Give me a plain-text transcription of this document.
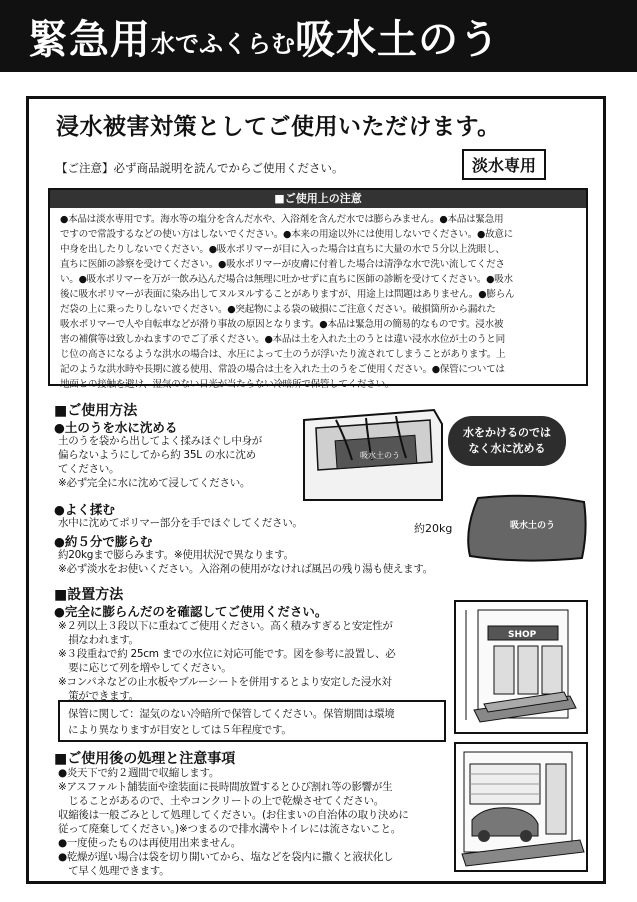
緊急用 水でふくらむ 吸水土のう
浸水被害対策としてご使用いただけます。
【ご注意】必ず商品説明を読んでからご使用ください。	淡水専用
■ご使用上の注意
●本品は淡水専用です。海水等の塩分を含んだ水や、入浴剤を含んだ水では膨らみません。●本品は緊急用
ですので常設するなどの使い方はしないでください。●本来の用途以外には使用しないでください。●故意に
中身を出したりしないでください。●吸水ポリマーが目に入った場合は直ちに大量の水で５分以上洗眼し、
直ちに医師の診察を受けてください。●吸水ポリマーが皮膚に付着した場合は清浄な水で洗い流してくださ
い。●吸水ポリマーを万が一飲み込んだ場合は無理に吐かせずに直ちに医師の診断を受けてください。●吸水
後に吸水ポリマーが表面に染み出してヌルヌルすることがありますが、用途上は問題はありません。●膨らん
だ袋の上に乗ったりしないでください。●突起物による袋の破損にご注意ください。破損箇所から漏れた
吸水ポリマーで人や自転車などが滑り事故の原因となります。●本品は緊急用の簡易的なものです。浸水被
害の補償等は致しかねますのでご了承ください。●本品は土を入れた土のうとは違い浸水水位が土のうと同
じ位の高さになるような洪水の場合は、水圧によって土のうが浮いたり流されてしまうことがあります。上
記のような洪水時や長期に渡る使用、常設の場合は土を入れた土のうをご使用ください。●保管については
地面との接触を避け、湿気のない日光が当たらない冷暗所で保管してください。
■ご使用方法
●土のうを水に沈める
土のうを袋から出してよく揉みほぐし中身が
偏らないようにしてから約 35L の水に沈め
てください。
※必ず完全に水に沈めて浸してください。
吸水土のう
水をかけるのでは
なく水に沈める
●よく揉む
水中に沈めてポリマー部分を手でほぐしてください。	吸水土のう
約20kg
●約５分で膨らむ
約20kgまで膨らみます。※使用状況で異なります。
※必ず淡水をお使いください。入浴剤の使用がなければ風呂の残り湯も使えます。
■設置方法
●完全に膨らんだのを確認してご使用ください。
※２列以上３段以下に重ねてご使用ください。高く積みすぎると安定性が
　損なわれます。
※３段重ねで約 25cm までの水位に対応可能です。図を参考に設置し、必
　要に応じて列を増やしてください。
※コンパネなどの止水板やブルーシートを併用するとより安定した浸水対
　策ができます。
SHOP
保管に関して：湿気のない冷暗所で保管してください。保管期間は環境
により異なりますが目安としては５年程度です。
■ご使用後の処理と注意事項
●炎天下で約２週間で収縮します。
※アスファルト舗装面や塗装面に長時間放置するとひび割れ等の影響が生
　じることがあるので、土やコンクリートの上で乾燥させてください。
収縮後は一般ごみとして処理してください。(お住まいの自治体の取り決めに
従って廃棄してください。)※つまるので排水溝やトイレには流さないこと。
●一度使ったものは再使用出来ません。
●乾燥が遅い場合は袋を切り開いてから、塩などを袋内に撒くと液状化し
　て早く処理できます。
